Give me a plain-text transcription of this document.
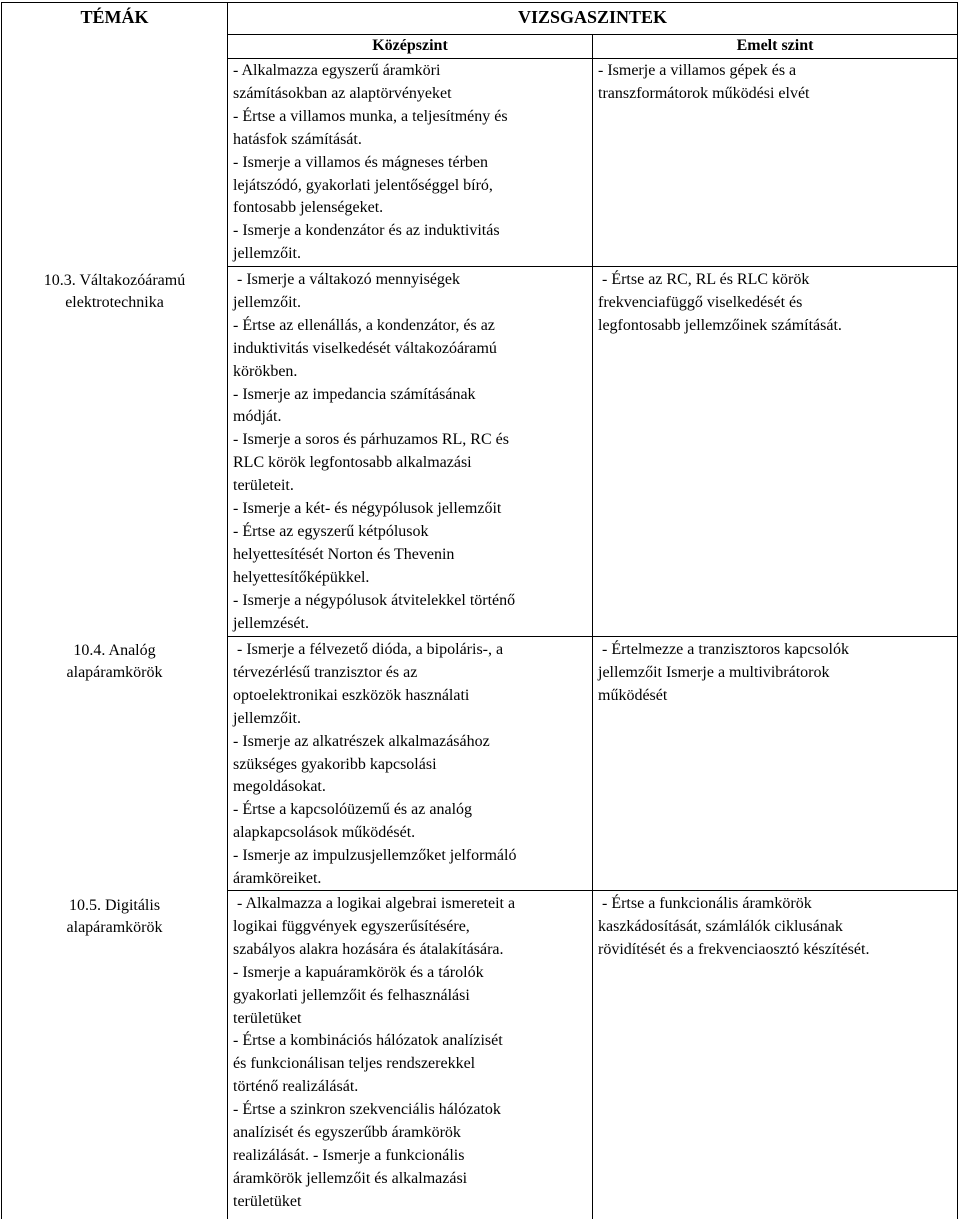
TÉMÁK	VIZSGASZINTEK
Középszint	Emelt szint
- Alkalmazza egyszerű áramköri
számításokban az alaptörvényeket
- Értse a villamos munka, a teljesítmény és
hatásfok számítását.
- Ismerje a villamos és mágneses térben
lejátszódó, gyakorlati jelentőséggel bíró,
fontosabb jelenségeket.
- Ismerje a kondenzátor és az induktivitás
jellemzőit.
- Ismerje a villamos gépek és a
transzformátorok működési elvét
10.3. Váltakozóáramú
elektrotechnika
- Ismerje a váltakozó mennyiségek
jellemzőit.
- Értse az ellenállás, a kondenzátor, és az
induktivitás viselkedését váltakozóáramú
körökben.
- Ismerje az impedancia számításának
módját.
- Ismerje a soros és párhuzamos RL, RC és
RLC körök legfontosabb alkalmazási
területeit.
- Ismerje a két- és négypólusok jellemzőit
- Értse az egyszerű kétpólusok
helyettesítését Norton és Thevenin
helyettesítőképükkel.
- Ismerje a négypólusok átvitelekkel történő
jellemzését.
- Értse az RC, RL és RLC körök
frekvenciafüggő viselkedését és
legfontosabb jellemzőinek számítását.
10.4. Analóg
alapáramkörök
- Ismerje a félvezető dióda, a bipoláris-, a
térvezérlésű tranzisztor és az
optoelektronikai eszközök használati
jellemzőit.
- Ismerje az alkatrészek alkalmazásához
szükséges gyakoribb kapcsolási
megoldásokat.
- Értse a kapcsolóüzemű és az analóg
alapkapcsolások működését.
- Ismerje az impulzusjellemzőket jelformáló
áramköreiket.
- Értelmezze a tranzisztoros kapcsolók
jellemzőit Ismerje a multivibrátorok
működését
10.5. Digitális
alapáramkörök
- Alkalmazza a logikai algebrai ismereteit a
logikai függvények egyszerűsítésére,
szabályos alakra hozására és átalakítására.
- Ismerje a kapuáramkörök és a tárolók
gyakorlati jellemzőit és felhasználási
területüket
- Értse a kombinációs hálózatok analízisét
és funkcionálisan teljes rendszerekkel
történő realizálását.
- Értse a szinkron szekvenciális hálózatok
analízisét és egyszerűbb áramkörök
realizálását. - Ismerje a funkcionális
áramkörök jellemzőit és alkalmazási
területüket
- Értse a funkcionális áramkörök
kaszkádosítását, számlálók ciklusának
rövidítését és a frekvenciaosztó készítését.
